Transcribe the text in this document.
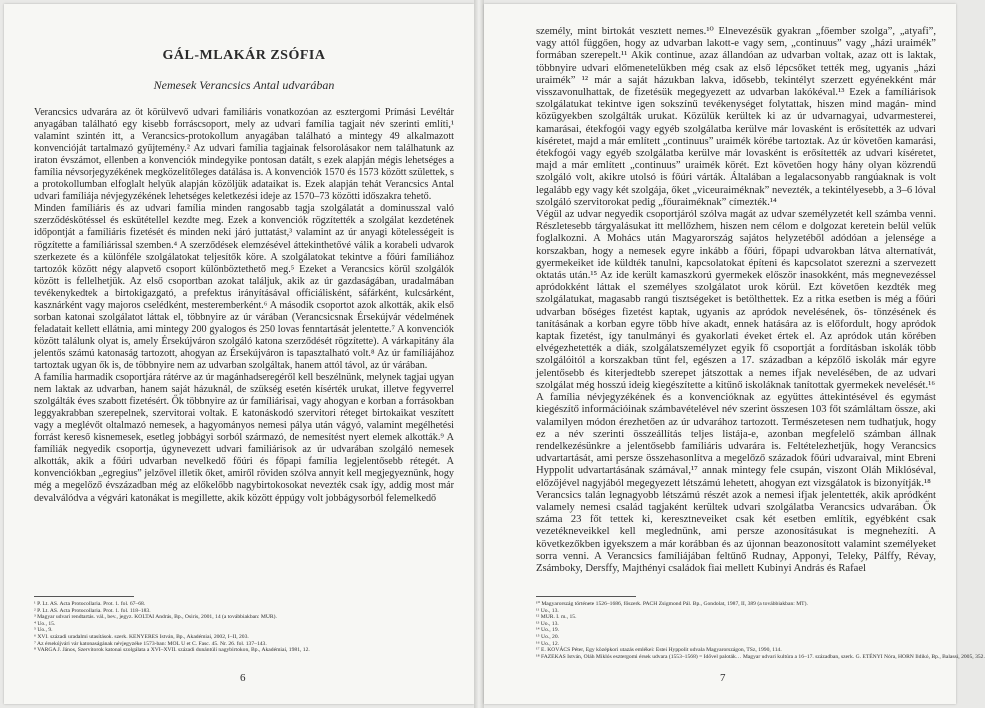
GÁL-MLAKÁR ZSÓFIA
Nemesek Verancsics Antal udvarában

Verancsics udvarára az öt körülvevő udvari familiáris vonatkozóan az esztergomi Prímási Levéltár anyagában található egy kisebb forráscsoport, mely az udvari família tagjait név szerinti említi,¹ valamint szintén itt, a Verancsics-protokollum anyagában található a mintegy 49 alkalmazott konvencióját tartalmazó gyűjtemény.² Az udvari família tagjainak felsorolásakor nem találhatunk az iraton évszámot, ellenben a konvenciók mindegyike pontosan datált, s ezek alapján mégis lehetséges a família névsorjegyzékének megközelítőleges datálása is. A konvenciók 1570 és 1573 között születtek, s a protokollumban elfoglalt helyük alapján közöljük adataikat is. Ezek alapján tehát Verancsics Antal udvari famíliája névjegyzékének lehetséges keletkezési ideje az 1570–73 közötti időszakra tehető.

Minden famíliáris és az udvari família minden rangosabb tagja szolgálatát a dominusszal való szerződéskötéssel és eskütétellel kezdte meg. Ezek a konvenciók rögzítették a szolgálat kezdetének időpontját a famíliáris fizetését és minden neki járó juttatást,³ valamint az úr anyagi kötelességeit is rögzítette a famíliárissal szemben.⁴ A szerződések elemzésével áttekinthetővé válik a korabeli udvarok szerkezete és a különféle szolgálatokat teljesítők köre. A szolgálatokat tekintve a főúri famíliához tartozók között négy alapvető csoport különböztethető meg.⁵ Ezeket a Verancsics körül szolgálók között is fellelhetjük. Az első csoportban azokat találjuk, akik az úr gazdaságában, uradalmában tevékenykedtek a birtokigazgató, a prefektus irányításával officiálisként, sáfárként, kulcsárként, kasznárként vagy majoros cselédként, mesteremberként.⁶ A második csoportot azok alkották, akik első sorban katonai szolgálatot láttak el, többnyire az úr várában (Verancsicsnak Érsekújvár védelmének feladatait kellett ellátnia, ami mintegy 200 gyalogos és 250 lovas fenntartását jelentette.⁷ A konvenciók között találunk olyat is, amely Érsekújváron szolgáló katona szerződését rögzítette). A várkapitány ála jelentős számú katonaság tartozott, ahogyan az Érsekújváron is tapasztalható volt.⁸ Az úr famíliájához tartoztak ugyan ők is, de többnyire nem az udvarban szolgáltak, hanem attól távol, az úr várában.

A família harmadik csoportjára rátérve az úr magánhadseregéről kell beszélnünk, melynek tagjai ugyan nem laktak az udvarban, hanem saját házuknál, de szükség esetén kísérték urukat, illetve fegyverrel szolgálták éves szabott fizetésért. Ők többnyire az úr famíliárisai, vagy ahogyan e korban a forrásokban leggyakrabban szerepelnek, szervitorai voltak. E katonáskodó szervitori réteget birtokaikat veszített vagy a meglévőt oltalmazó nemesek, a hagyományos nemesi pálya után vágyó, valamint megélhetési forrást kereső kisnemesek, esetleg jobbágyi sorból származó, de nemesítést nyert elemek alkották.⁹ A famíliák negyedik csoportja, úgynevezett udvari familiárisok az úr udvarában szolgáló nemesek alkották, akik a főúri udvarban nevelkedő főúri és főpapi família legjelentősebb rétegét. A konvenciókban „egregius” jelzővel illetik őket, amiről röviden szólva annyit kell megjegyeznünk, hogy még a megelőző évszázadban még az előkelőbb nagybirtokosokat nevezték csak így, addig most már devalválódva a végvári katonákat is megillette, akik között éppúgy volt jobbágysorból felemelkedő

¹ P. Lt. AS. Acta Protocollaria. Prot. 1. fol. 67–68.
² P. Lt. AS. Acta Protocollaria. Prot. 1. fol. 118–183.
³ Magyar udvari rendtartás. vál., bev., jegyz. KOLTAI András, Bp., Osiris, 2001, 14 (a továbbiakban: MUR).
⁴ Uo., 15.
⁵ Uo., 9.
⁶ XVI. századi uradalmi utasítások. szerk. KENYERES István, Bp., Akadémiai, 2002, I–II, 203.
⁷ Az érsekújvári vár katonaságának névjegyzéke 1573-ban: MOL U et C. Fasc. 45. Nr. 26. fol. 137–143.
⁸ VARGA J. János, Szervitorok katonai szolgálata a XVI–XVII. századi dunántúli nagybirtokon, Bp., Akadémiai, 1981, 12.
6

személy, mint birtokát vesztett nemes.¹⁰ Elnevezésük gyakran „főember szolga”, „atyafi”, vagy attól függően, hogy az udvarban lakott-e vagy sem, „continuus” vagy „házi uraimék” formában szerepelt.¹¹ Akik continue, azaz állandóan az udvarban voltak, azaz ott is laktak, többnyire udvari előmenetelükben még csak az első lépcsőket tették meg, ugyanis „házi uraimék” ¹² már a saját házukban lakva, idősebb, tekintélyt szerzett egyénekként már visszavonulhattak, de fizetésük megegyezett az udvarban lakókéval.¹³ Ezek a famíliárisok szolgálatukat tekintve igen sokszínű tevékenységet folytattak, hiszen mind magán- mind közügyekben szolgálták urukat. Közülük kerültek ki az úr udvarnagyai, udvarmesterei, kamarásai, étekfogói vagy egyéb szolgálatba kerülve már lovasként is erősítették az udvari kíséretet, majd a már említett „continuus” uraimék körébe tartoztak. Az úr követően kamarási, étekfogói vagy egyéb szolgálatba kerülve már lovasként is erősítették az udvari kíséretet, majd a már említett „continuus” uraimék körét. Ezt követően hogy hány olyan közrendű szolgáló volt, akikre utolsó is főúri várták. Általában a legalacsonyabb rangúaknak is volt legalább egy vagy két szolgája, őket „viceuraiméknak” nevezték, a tekintélyesebb, a 3–6 lóval szolgáló szervitorokat pedig „főuraiméknak” címezték.¹⁴

Végül az udvar negyedik csoportjáról szólva magát az udvar személyzetét kell számba venni. Részletesebb tárgyalásukat itt mellőzhem, hiszen nem célom e dolgozat keretein belül velük foglalkozni. A Mohács után Magyarország sajátos helyzetéből adódóan a jelensége a korszakban, hogy a nemesek egyre inkább a főúri, főpapi udvarokban látva alternatívát, gyermekeiket ide küldték tanulni, kapcsolatokat építeni és kapcsolatot szerezni a szervezett oktatás után.¹⁵ Az ide került kamaszkorú gyermekek először inasokként, más megnevezéssel apródokként láttak el személyes szolgálatot urok körül. Ezt követően kezdték meg szolgálatukat, magasabb rangú tisztségeket is betölthettek. Ez a ritka esetben is még a főúri udvarban bőséges fizetést kaptak, ugyanis az apródok nevelésének, ös- tönzésének és tanításának a korban egyre több híve akadt, ennek hatására az is előfordult, hogy apródok kaptak fizetést, így tanulmányi és gyakorlati éveket értek el. Az apródok után körében elvégezhetették a diák, szolgálatszemélyzet egyik fő csoportját a fordításban iskolák több szolgálóitól a korszakban tűnt fel, egészen a 17. században a képzőlő iskolák már egyre jelentősebb és kiterjedtebb szerepet játszottak a nemes ifjak nevelésében, de az udvari szolgálat még hosszú ideig kiegészítette a kitűnő iskoláknak tanítottak gyermekek nevelését.¹⁶

A família névjegyzékének és a konvencióknak az együttes áttekintésével és egymást kiegészítő információinak számbavételével név szerint összesen 103 főt számláltam össze, aki valamilyen módon érezhetően az úr udvarához tartozott. Természetesen nem tudhatjuk, hogy ez a név szerinti összeállítás teljes listája-e, azonban megfelelő számban állnak rendelkezésünkre a jelentősebb famíliáris udvarára is. Feltételezhetjük, hogy Verancsics udvartartását, ami persze összehasonlítva a megelőző századok főúri udvaraival, mint Ebreni Hyppolit udvartartásának számával,¹⁷ annak mintegy fele csupán, viszont Oláh Miklóséval, előzőjével nagyjából megegyezett létszámú lehetett, ahogyan ezt vizsgálatok is bizonyítják.¹⁸

Verancsics talán legnagyobb létszámú részét azok a nemesi ifjak jelentették, akik apródként valamely nemesi család tagjaként kerültek udvari szolgálatba Verancsics udvarában. Ők száma 23 főt tettek ki, keresztneveiket csak két esetben említik, egyébként csak vezetékneveikkel kell meglednünk, ami persze azonosításukat is megnehezíti. A következőkben igyekszem a már korábban és az újonnan beazonosított valamint személyeket sorra venni. A Verancsics famíliájában feltűnő Rudnay, Apponyi, Teleky, Pálffy, Révay, Zsámboky, Dersffy, Majthényi családok fiai mellett Kubinyi András és Rafael

¹⁰ Magyarország története 1526–1686, főszerk. PACH Zsigmond Pál. Bp., Gondolat, 1987, II, 389 (a továbbiakban: MT).
¹¹ Uo., 13.
¹² MUR. I. m., 15.
¹³ Uo., 13.
¹⁴ Uo., 19.
¹⁵ Uo., 20.
¹⁶ Uo., 12.
¹⁷ E. KOVÁCS Péter, Egy középkori utazás emlékei: Estei Hyppolit udvala Magyarországon, TSz, 1990, 114.
¹⁸ FAZEKAS István, Oláh Miklós esztergomi érsek udvara (1553–1568) = Idővel paloták… Magyar udvari kultúra a 16–17. században, szerk. G. ETÉNYI Nóra, HORN Ildikó, Bp., Balassi, 2005, 352.
7
